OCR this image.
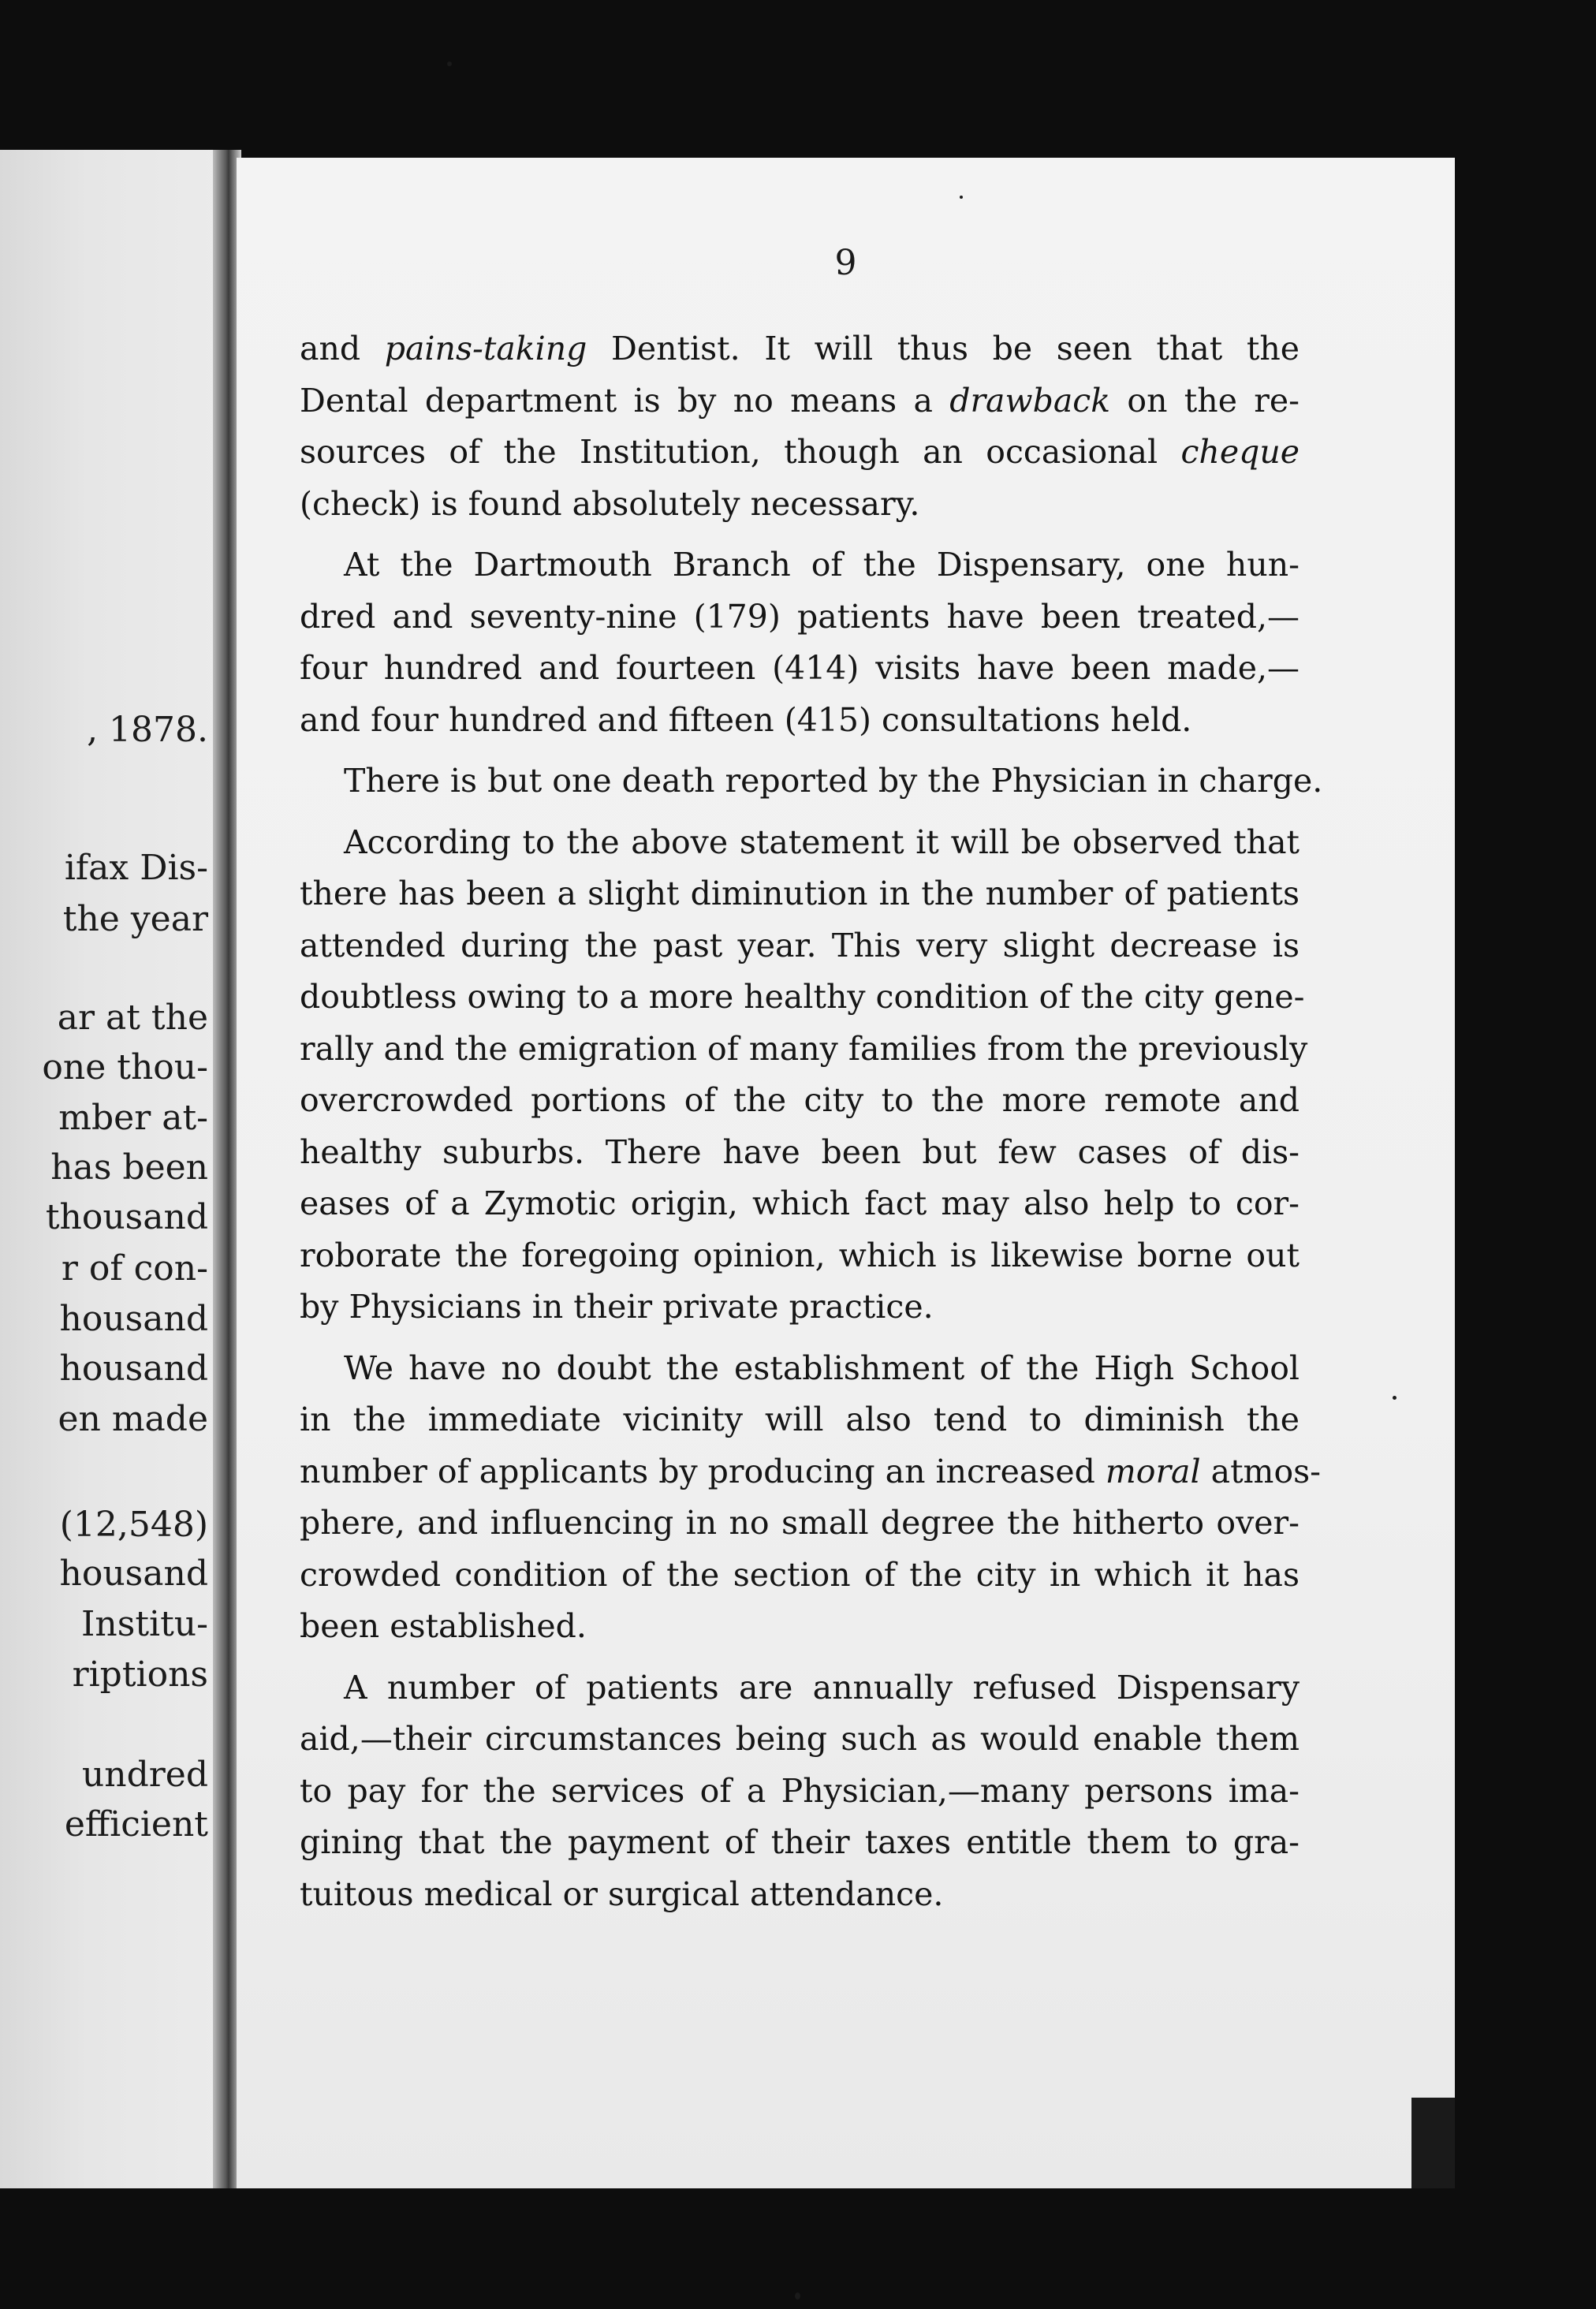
, 1878.
ifax Dis-
the year
ar at the
one thou-
mber at-
has been
thousand
r of con-
housand
housand
en made
(12,548)
housand
Institu-
riptions
undred
efficient
9
and pains-taking Dentist. It will thus be seen that the
Dental department is by no means a drawback on the re-
sources of the Institution, though an occasional cheque
(check) is found absolutely necessary.
At the Dartmouth Branch of the Dispensary, one hun-
dred and seventy-nine (179) patients have been treated,—
four hundred and fourteen (414) visits have been made,—
and four hundred and fifteen (415) consultations held.
There is but one death reported by the Physician in charge.
According to the above statement it will be observed that
there has been a slight diminution in the number of patients
attended during the past year. This very slight decrease is
doubtless owing to a more healthy condition of the city gene-
rally and the emigration of many families from the previously
overcrowded portions of the city to the more remote and
healthy suburbs. There have been but few cases of dis-
eases of a Zymotic origin, which fact may also help to cor-
roborate the foregoing opinion, which is likewise borne out
by Physicians in their private practice.
We have no doubt the establishment of the High School
in the immediate vicinity will also tend to diminish the
number of applicants by producing an increased moral atmos-
phere, and influencing in no small degree the hitherto over-
crowded condition of the section of the city in which it has
been established.
A number of patients are annually refused Dispensary
aid,—their circumstances being such as would enable them
to pay for the services of a Physician,—many persons ima-
gining that the payment of their taxes entitle them to gra-
tuitous medical or surgical attendance.
